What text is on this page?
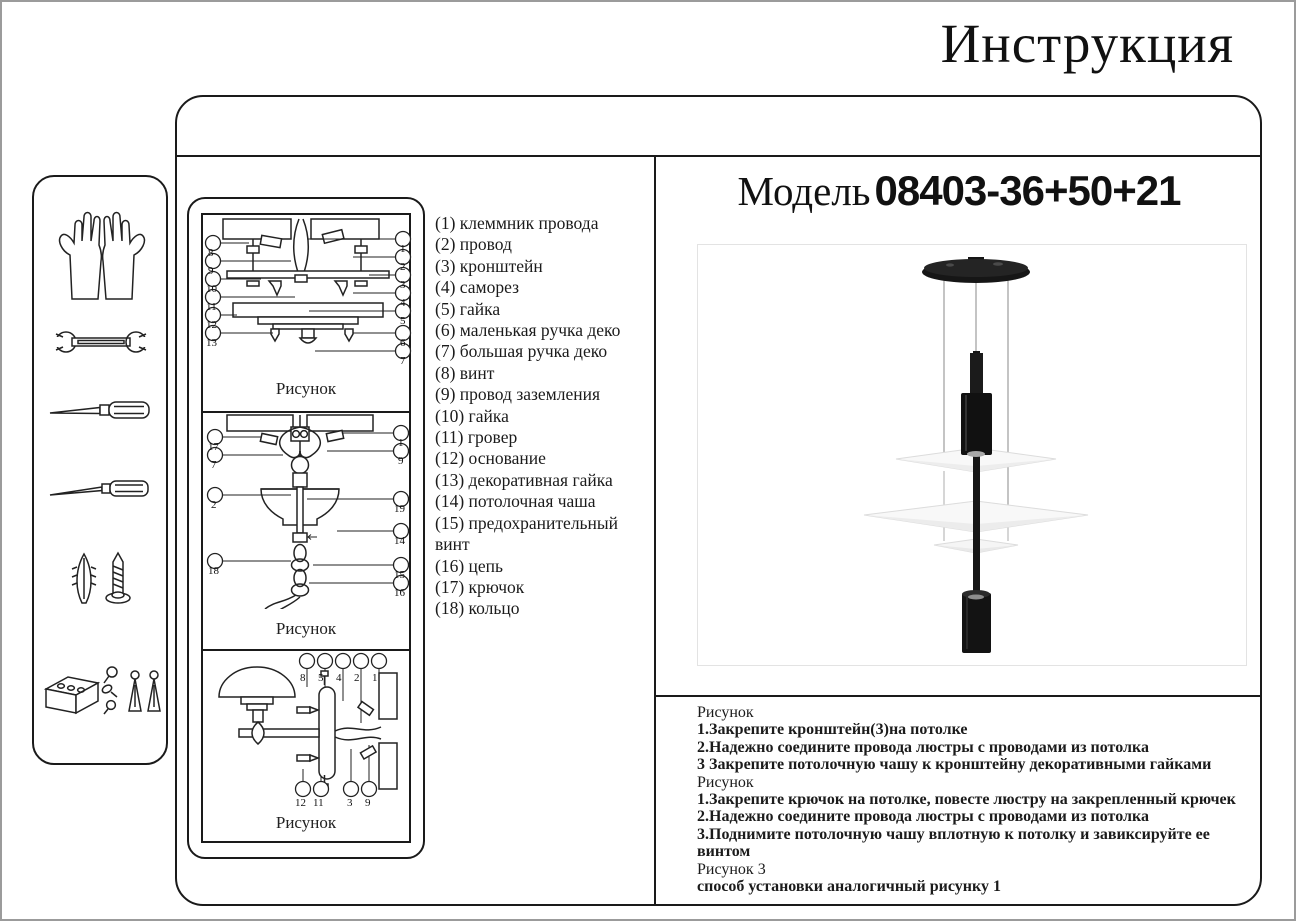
Инструкция
8
9
10
11
12
13
1
2
3
4
5
6
7
Рисунок
17
7
2
18
1
9
19
14
15
16
Рисунок
8 5 4 2 1
12 11 3 9
Рисунок
(1) клеммник провода
(2) провод
(3) кронштейн
(4) саморез
(5) гайка
(6) маленькая ручка деко
(7) большая ручка деко
(8) винт
(9) провод заземления
(10) гайка
(11) гровер
(12) основание
(13) декоративная гайка
(14) потолочная чаша
(15) предохранительный винт
(16) цепь
(17) крючок
(18) кольцо
Модель 08403-36+50+21
Рисунок
1.Закрепите кронштейн(3)на потолке
2.Надежно соедините провода люстры с проводами из потолка
3 Закрепите потолочную чашу к кронштейну декоративными гайками
Рисунок
1.Закрепите крючок на потолке, повесте люстру на закрепленный крючек
2.Надежно соедините провода люстры с проводами из потолка
3.Поднимите потолочную чашу вплотную к потолку и завиксируйте ее винтом
Рисунок 3
способ установки аналогичный рисунку 1
